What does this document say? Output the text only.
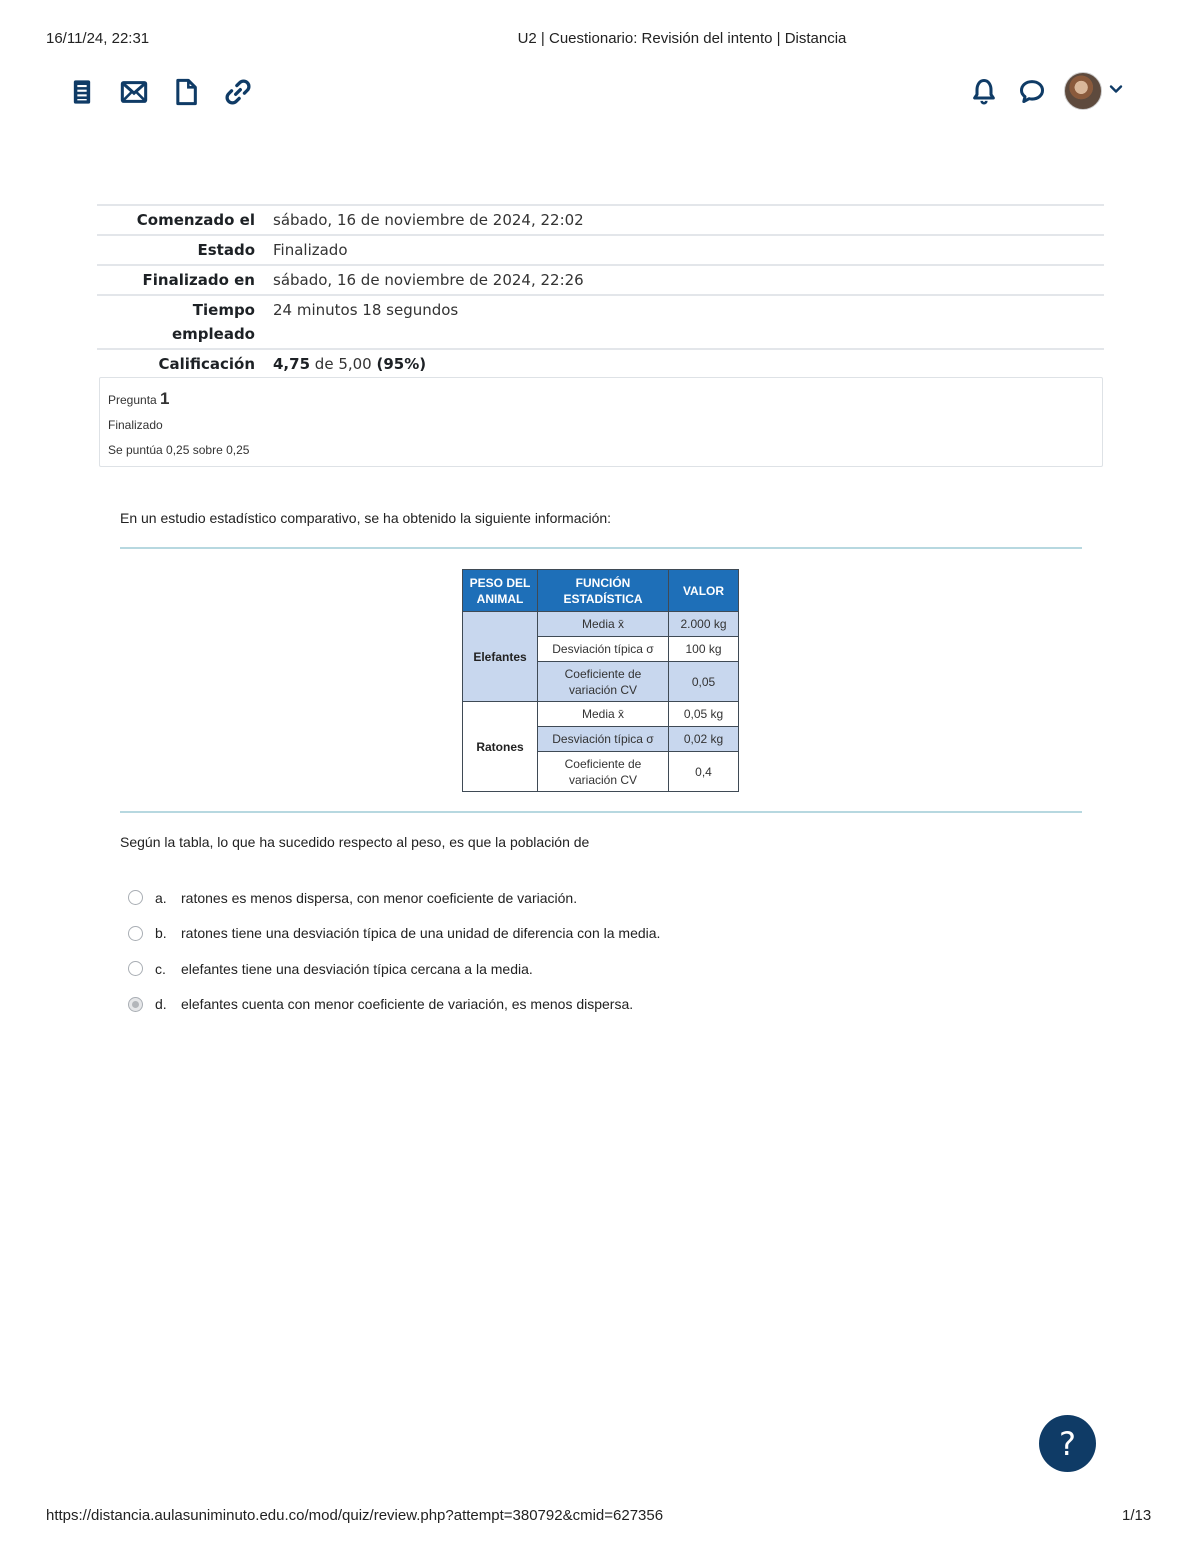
16/11/24, 22:31	U2 | Cuestionario: Revisión del intento | Distancia
Comenzado el	sábado, 16 de noviembre de 2024, 22:02
Estado	Finalizado
Finalizado en	sábado, 16 de noviembre de 2024, 22:26
Tiempo empleado	24 minutos 18 segundos
Calificación	4,75 de 5,00 (95%)
Pregunta 1
Finalizado
Se puntúa 0,25 sobre 0,25
En un estudio estadístico comparativo, se ha obtenido la siguiente información:
PESO DEL ANIMAL	FUNCIÓN ESTADÍSTICA	VALOR
Elefantes	Media x̄	2.000 kg
	Desviación típica σ	100 kg
	Coeficiente de variación CV	0,05
Ratones	Media x̄	0,05 kg
	Desviación típica σ	0,02 kg
	Coeficiente de variación CV	0,4
Según la tabla, lo que ha sucedido respecto al peso, es que la población de
a.	ratones es menos dispersa, con menor coeficiente de variación.
b.	ratones tiene una desviación típica de una unidad de diferencia con la media.
c.	elefantes tiene una desviación típica cercana a la media.
d.	elefantes cuenta con menor coeficiente de variación, es menos dispersa.
?
https://distancia.aulasuniminuto.edu.co/mod/quiz/review.php?attempt=380792&cmid=627356	1/13
